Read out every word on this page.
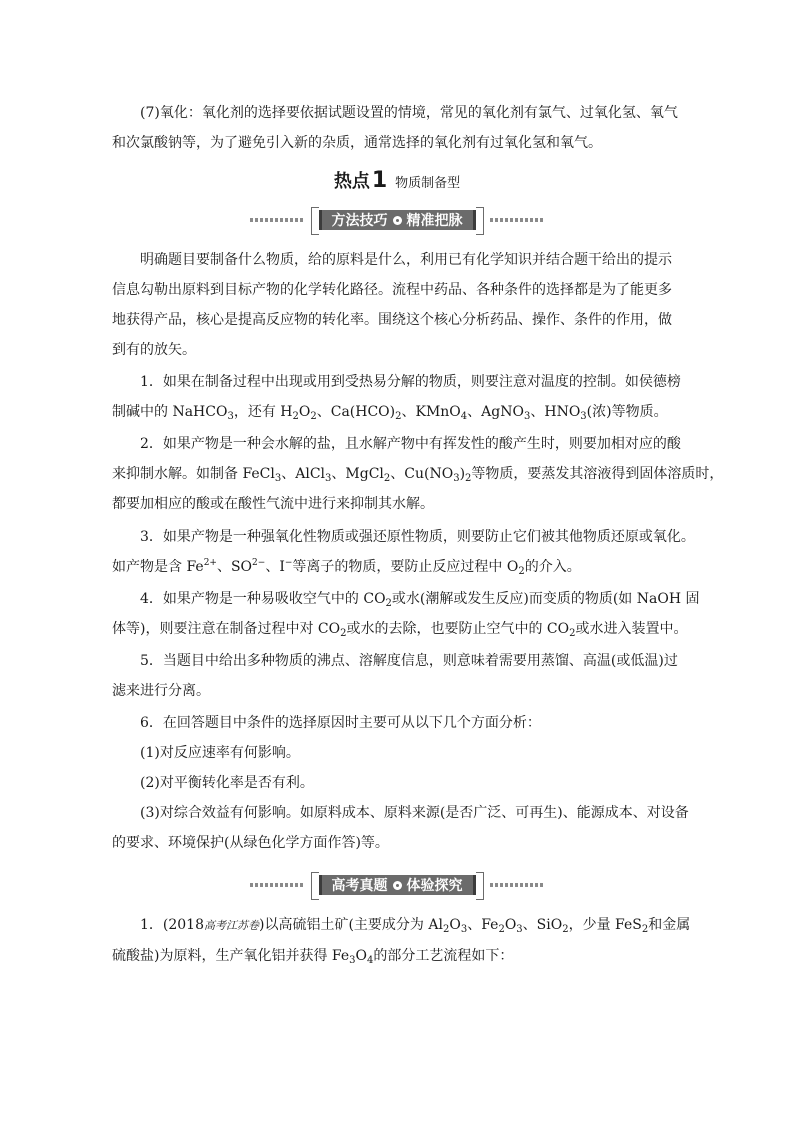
(7)氧化：氧化剂的选择要依据试题设置的情境，常见的氧化剂有氯气、过氧化氢、氧气
和次氯酸钠等，为了避免引入新的杂质，通常选择的氧化剂有过氧化氢和氧气。

热点1 物质制备型
方法技巧 精准把脉

明确题目要制备什么物质，给的原料是什么，利用已有化学知识并结合题干给出的提示
信息勾勒出原料到目标产物的化学转化路径。流程中药品、各种条件的选择都是为了能更多
地获得产品，核心是提高反应物的转化率。围绕这个核心分析药品、操作、条件的作用，做
到有的放矢。

1．如果在制备过程中出现或用到受热易分解的物质，则要注意对温度的控制。如侯德榜
制碱中的 NaHCO$_3$，还有 $H_2O_2$、$Ca(HCO)_2$、KMnO$_4$、AgNO$_3$、$HNO_3$(浓)等物质。

2．如果产物是一种会水解的盐，且水解产物中有挥发性的酸产生时，则要加相对应的酸
来抑制水解。如制备 FeCl$_3$、AlCl$_3$、MgCl$_2$、$Cu(NO_3)_2$等物质，要蒸发其溶液得到固体溶质时，
都要加相应的酸或在酸性气流中进行来抑制其水解。

3．如果产物是一种强氧化性物质或强还原性物质，则要防止它们被其他物质还原或氧化。
如产物是含 $Fe^{2+}$、$SO^{2-}$、I−等离子的物质，要防止反应过程中 $O_2$的介入。

4．如果产物是一种易吸收空气中的 $CO_2$或水(潮解或发生反应)而变质的物质(如 NaOH 固
体等)，则要注意在制备过程中对 $CO_2$或水的去除，也要防止空气中的 $CO_2$或水进入装置中。

5．当题目中给出多种物质的沸点、溶解度信息，则意味着需要用蒸馏、高温(或低温)过
滤来进行分离。

6．在回答题目中条件的选择原因时主要可从以下几个方面分析：
(1)对反应速率有何影响。
(2)对平衡转化率是否有利。
(3)对综合效益有何影响。如原料成本、原料来源(是否广泛、可再生)、能源成本、对设备
的要求、环境保护(从绿色化学方面作答)等。

高考真题 体验探究

1．(2018高考江苏卷)以高硫铝土矿(主要成分为 $Al_2O_3$、$Fe_2O_3$、SiO$_2$，少量 FeS$_2$和金属
硫酸盐)为原料，生产氧化铝并获得 $Fe_3O_4$的部分工艺流程如下：
